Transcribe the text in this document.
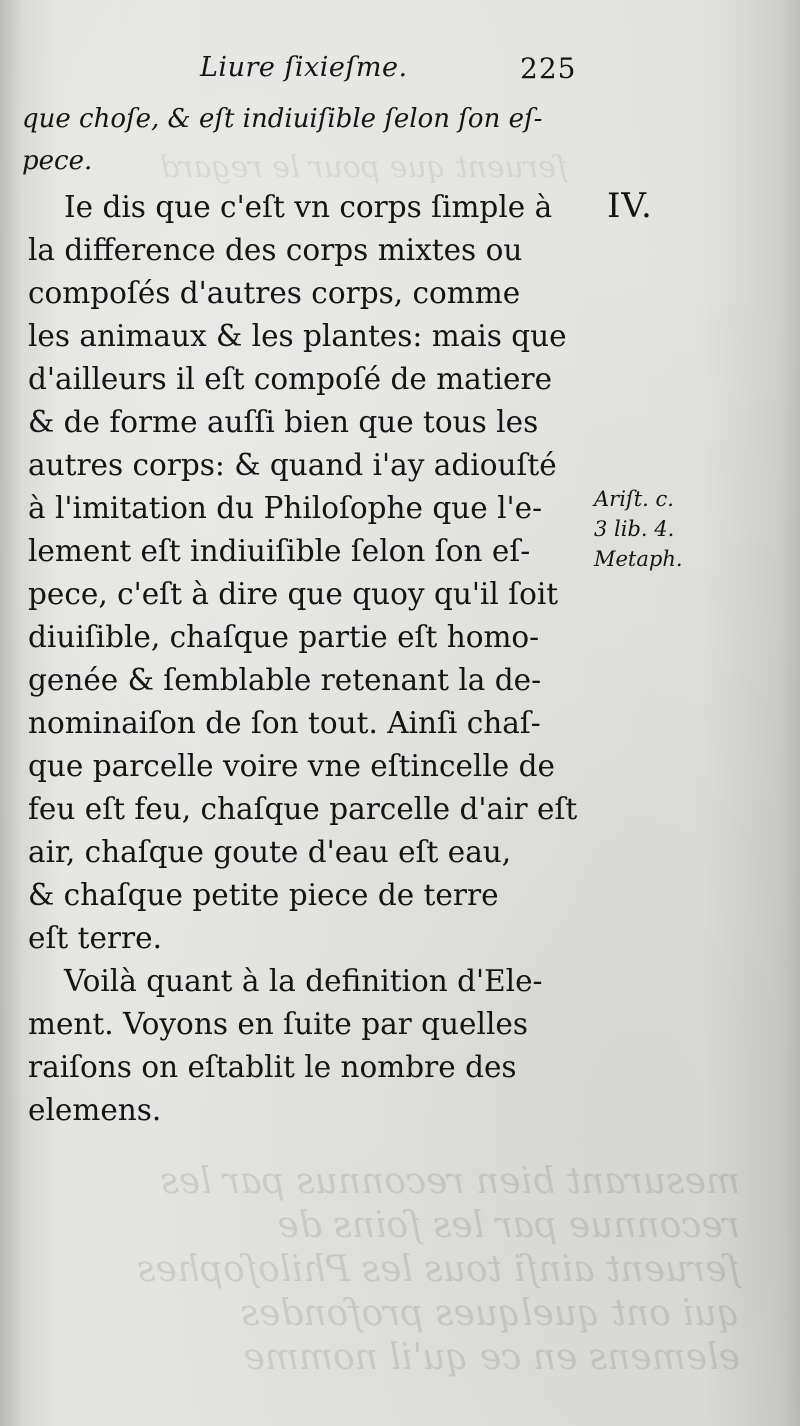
ſeruent que pour le regard
mesurant bien reconnus par les
reconnue par les ſoins de
ſeruent ainſi tous les Philoſophes
qui ont quelques profondes
elemens en ce qu'il nomme
Liure ſixieſme.	225
que choſe, & eſt indiuiſible ſelon ſon eſ-
pece.
Ie dis que c'eſt vn corps ſimple à
la difference des corps mixtes ou
compoſés d'autres corps, comme
les animaux & les plantes: mais que
d'ailleurs il eſt compoſé de matiere
& de forme auſſi bien que tous les
autres corps: & quand i'ay adiouſté
à l'imitation du Philoſophe que l'e-
lement eſt indiuiſible ſelon ſon eſ-
pece, c'eſt à dire que quoy qu'il ſoit
diuiſible, chaſque partie eſt homo-
genée & ſemblable retenant la de-
nominaiſon de ſon tout. Ainſi chaſ-
que parcelle voire vne eſtincelle de
feu eſt feu, chaſque parcelle d'air eſt
air, chaſque goute d'eau eſt eau,
& chaſque petite piece de terre
eſt terre.
Voilà quant à la definition d'Ele-
ment. Voyons en ſuite par quelles
raiſons on eſtablit le nombre des
elemens.
IV.
Ariſt. c.
3 lib. 4.
Metaph.
